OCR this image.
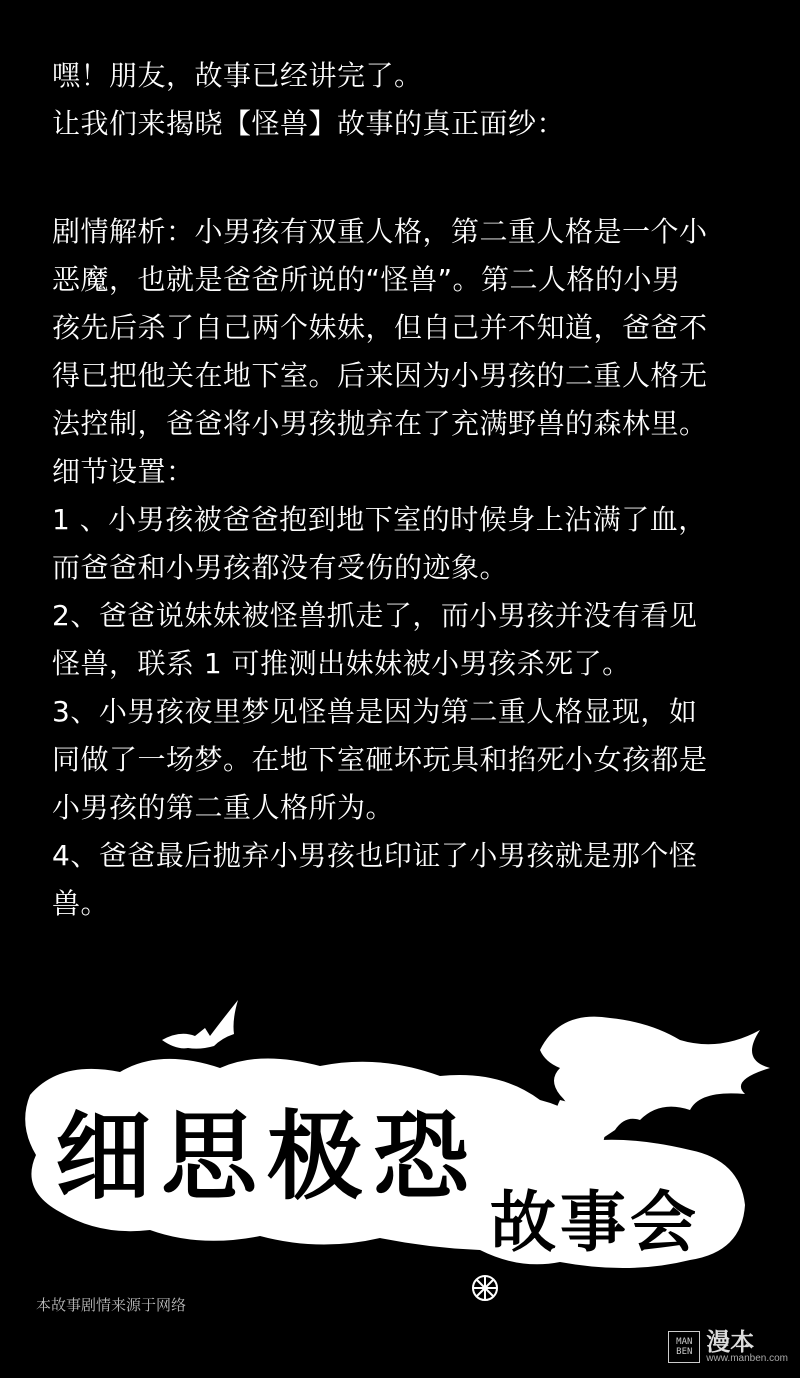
嘿！朋友，故事已经讲完了。
让我们来揭晓【怪兽】故事的真正面纱：
剧情解析：小男孩有双重人格，第二重人格是一个小
恶魔，也就是爸爸所说的“怪兽”。第二人格的小男
孩先后杀了自己两个妹妹，但自己并不知道，爸爸不
得已把他关在地下室。后来因为小男孩的二重人格无
法控制，爸爸将小男孩抛弃在了充满野兽的森林里。
细节设置：
1 、小男孩被爸爸抱到地下室的时候身上沾满了血，
而爸爸和小男孩都没有受伤的迹象。
2、爸爸说妹妹被怪兽抓走了，而小男孩并没有看见
怪兽，联系 1 可推测出妹妹被小男孩杀死了。
3、小男孩夜里梦见怪兽是因为第二重人格显现，如
同做了一场梦。在地下室砸坏玩具和掐死小女孩都是
小男孩的第二重人格所为。
4、爸爸最后抛弃小男孩也印证了小男孩就是那个怪
兽。
细思极恐
故事会
本故事剧情来源于网络
MAN
BEN 漫本
www.manben.com
